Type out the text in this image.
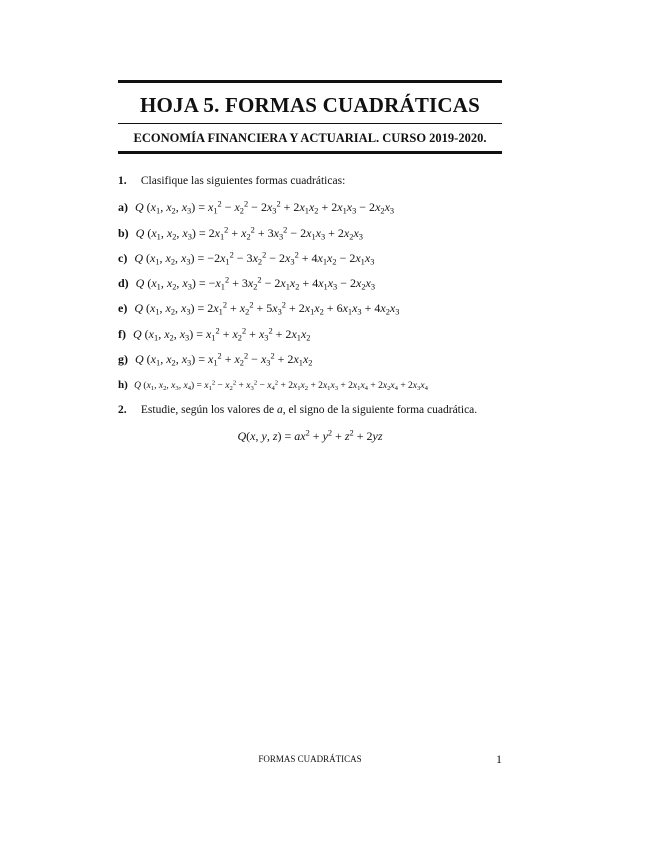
HOJA 5. FORMAS CUADRÁTICAS
ECONOMÍA FINANCIERA Y ACTUARIAL. CURSO 2019-2020.
1. Clasifique las siguientes formas cuadráticas:
a) Q ($x_1$, $x_2$, $x_3) = x_1^2 - x_2^2 - 2x_3^2 + 2x_1x_2 + 2x_1x_3 - 2x_2x_3$
b) Q ($x_1$, $x_2$, $x_3) = 2x_1^2 + x_2^2 + 3x_3^2 - 2x_1x_3 + 2x_2x_3$
c) Q ($x_1$, $x_2$, $x_3) = -2x_1^2 - 3x_2^2 - 2x_3^2 + 4x_1x_2 - 2x_1x_3$
d) Q ($x_1$, $x_2$, $x_3) = -x_1^2 + 3x_2^2 - 2x_1x_2 + 4x_1x_3 - 2x_2x_3$
e) Q ($x_1$, $x_2$, $x_3) = 2x_1^2 + x_2^2 + 5x_3^2 + 2x_1x_2 + 6x_1x_3 + 4x_2x_3$
f) Q ($x_1$, $x_2$, $x_3) = x_1^2 + x_2^2 + x_3^2 + 2x_1x_2$
g) Q ($x_1$, $x_2$, $x_3) = x_1^2 + x_2^2 - x_3^2 + 2x_1x_2$
h) Q ($x_1$, $x_2$, $x_3$, $x_4) = x_1^2 - x_2^2 + x_3^2 - x_4^2 + 2x_1x_2 + 2x_1x_3 + 2x_1x_4 + 2x_2x_4 + 2x_3x_4$
2. Estudie, según los valores de a, el signo de la siguiente forma cuadrática.
Q(x, y, $z) = ax^2 + y^2 + z^2 + 2yz$
FORMAS CUADRÁTICAS	1
